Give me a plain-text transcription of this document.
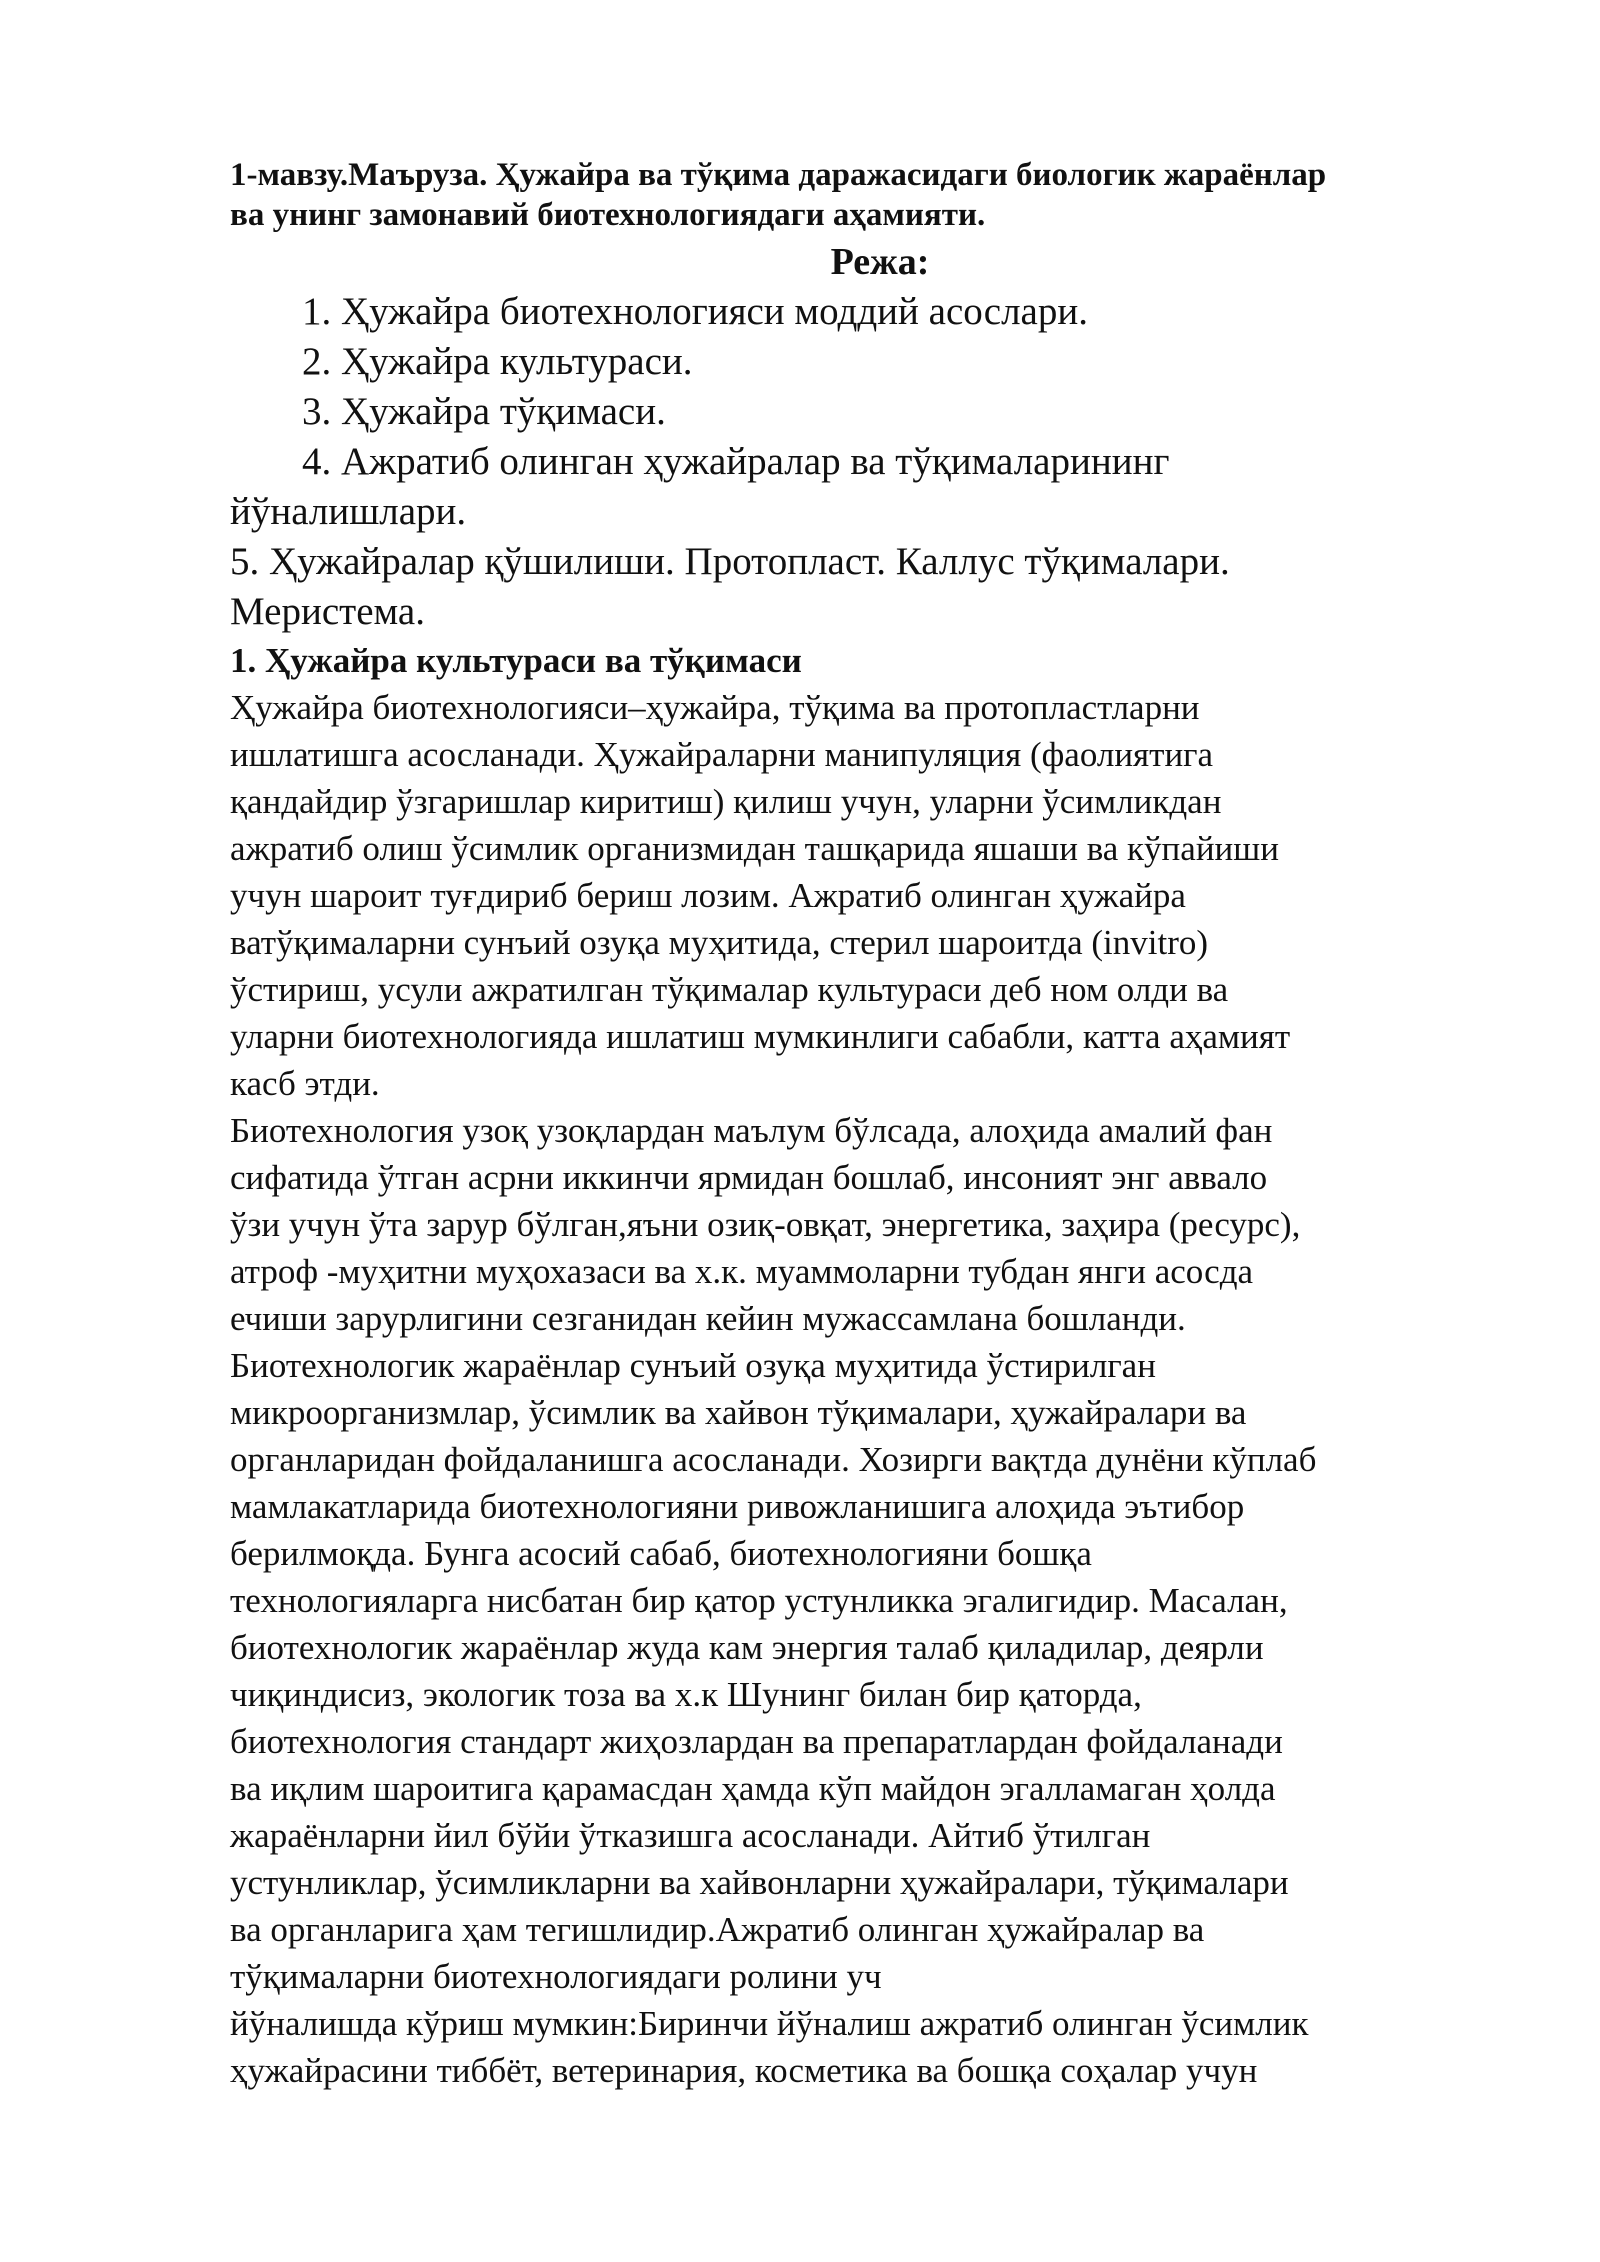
1-мавзу.Маъруза. Ҳужайра ва тўқима даражасидаги биологик жараёнлар
ва унинг замонавий биотехнологиядаги аҳамияти.
Режа:
1. Ҳужайра биотехнологияси моддий асослари.
2. Ҳужайра культураси.
3. Ҳужайра тўқимаси.
4. Ажратиб олинган ҳужайралар ва тўқималарининг
йўналишлари.
5. Ҳужайралар қўшилиши. Протопласт. Каллус тўқималари.
Меристема.
1. Ҳужайра культураси ва тўқимаси

Ҳужайра биотехнологияси–ҳужайра, тўқима ва протопластларни
ишлатишга асосланади. Ҳужайраларни манипуляция (фаолиятига
қандайдир ўзгаришлар киритиш) қилиш учун, уларни ўсимликдан
ажратиб олиш ўсимлик организмидан ташқарида яшаши ва кўпайиши
учун шароит туғдириб бериш лозим. Ажратиб олинган ҳужайра
ватўқималарни сунъий озуқа муҳитида, стерил шароитда (invitro)
ўстириш, усули ажратилган тўқималар культураси деб ном олди ва
уларни биотехнологияда ишлатиш мумкинлиги сабабли, катта аҳамият
касб этди.

Биотехнология узоқ узоқлардан маълум бўлсада, алоҳида амалий фан
сифатида ўтган асрни иккинчи ярмидан бошлаб, инсоният энг аввало
ўзи учун ўта зарур бўлган,яъни озиқ-овқат, энергетика, заҳира (ресурс),
атроф -муҳитни муҳохазаси ва х.к. муаммоларни тубдан янги асосда
ечиши зарурлигини сезганидан кейин мужассамлана бошланди.
Биотехнологик жараёнлар сунъий озуқа муҳитида ўстирилган
микроорганизмлар, ўсимлик ва хайвон тўқималари, ҳужайралари ва
органларидан фойдаланишга асосланади. Хозирги вақтда дунёни кўплаб
мамлакатларида биотехнологияни ривожланишига алоҳида эътибор
берилмоқда. Бунга асосий сабаб, биотехнологияни бошқа
технологияларга нисбатан бир қатор устунликка эгалигидир. Масалан,
биотехнологик жараёнлар жуда кам энергия талаб қиладилар, деярли
чиқиндисиз, экологик тоза ва х.к Шунинг билан бир қаторда,
биотехнология стандарт жиҳозлардан ва препаратлардан фойдаланади
ва иқлим шароитига қарамасдан ҳамда кўп майдон эгалламаган ҳолда
жараёнларни йил бўйи ўтказишга асосланади. Айтиб ўтилган
устунликлар, ўсимликларни ва хайвонларни ҳужайралари, тўқималари
ва органларига ҳам тегишлидир.Ажратиб олинган ҳужайралар ва
тўқималарни биотехнологиядаги ролини уч
йўналишда кўриш мумкин:Биринчи йўналиш ажратиб олинган ўсимлик
ҳужайрасини тиббёт, ветеринария, косметика ва бошқа соҳалар учун
